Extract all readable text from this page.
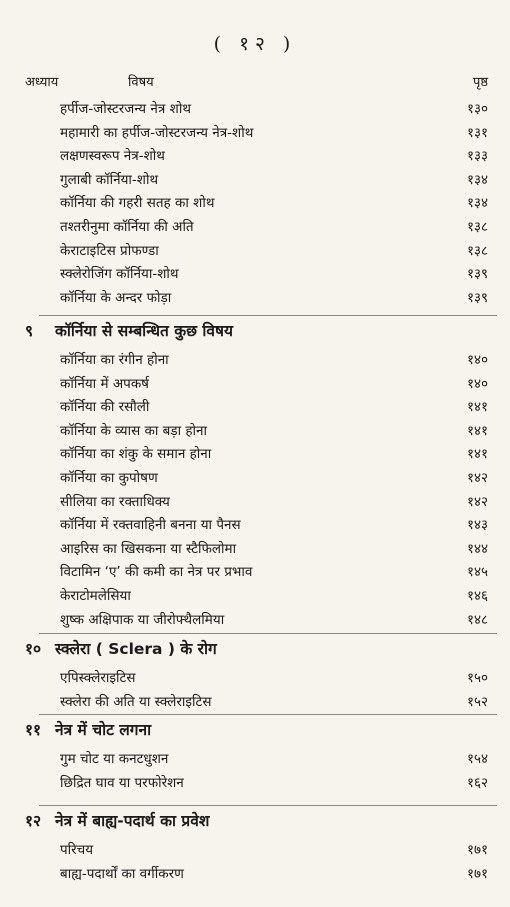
( १२ )
अध्याय	विषय	पृष्ठ
हर्पीज-जोस्टरजन्य नेत्र शोथ	१३०
महामारी का हर्पीज-जोस्टरजन्य नेत्र-शोथ	१३१
लक्षणस्वरूप नेत्र-शोथ	१३३
गुलाबी कॉर्निया-शोथ	१३४
कॉर्निया की गहरी सतह का शोथ	१३४
तश्तरीनुमा कॉर्निया की अति	१३८
केराटाइटिस प्रोफण्डा	१३८
स्क्लेरोजिंग कॉर्निया-शोथ	१३९
कॉर्निया के अन्दर फोड़ा	१३९
९ कॉर्निया से सम्बन्धित कुछ विषय
कॉर्निया का रंगीन होना	१४०
कॉर्निया में अपकर्ष	१४०
कॉर्निया की रसौली	१४१
कॉर्निया के व्यास का बड़ा होना	१४१
कॉर्निया का शंकु के समान होना	१४१
कॉर्निया का कुपोषण	१४२
सीलिया का रक्ताधिक्य	१४२
कॉर्निया में रक्तवाहिनी बनना या पैनस	१४३
आइरिस का खिसकना या स्टैफिलोमा	१४४
विटामिन ‘ए’ की कमी का नेत्र पर प्रभाव	१४५
केराटोमलेसिया	१४६
शुष्क अक्षिपाक या जीरोफ्थैलमिया	१४८
१० स्क्लेरा ( Sclera ) के रोग
एपिस्क्लेराइटिस	१५०
स्क्लेरा की अति या स्क्लेराइटिस	१५२
११ नेत्र में चोट लगना
गुम चोट या कनटधुशन	१५४
छिद्रित घाव या परफोरेशन	१६२
१२ नेत्र में बाह्य-पदार्थ का प्रवेश
परिचय	१७१
बाह्य-पदार्थों का वर्गीकरण	१७१
